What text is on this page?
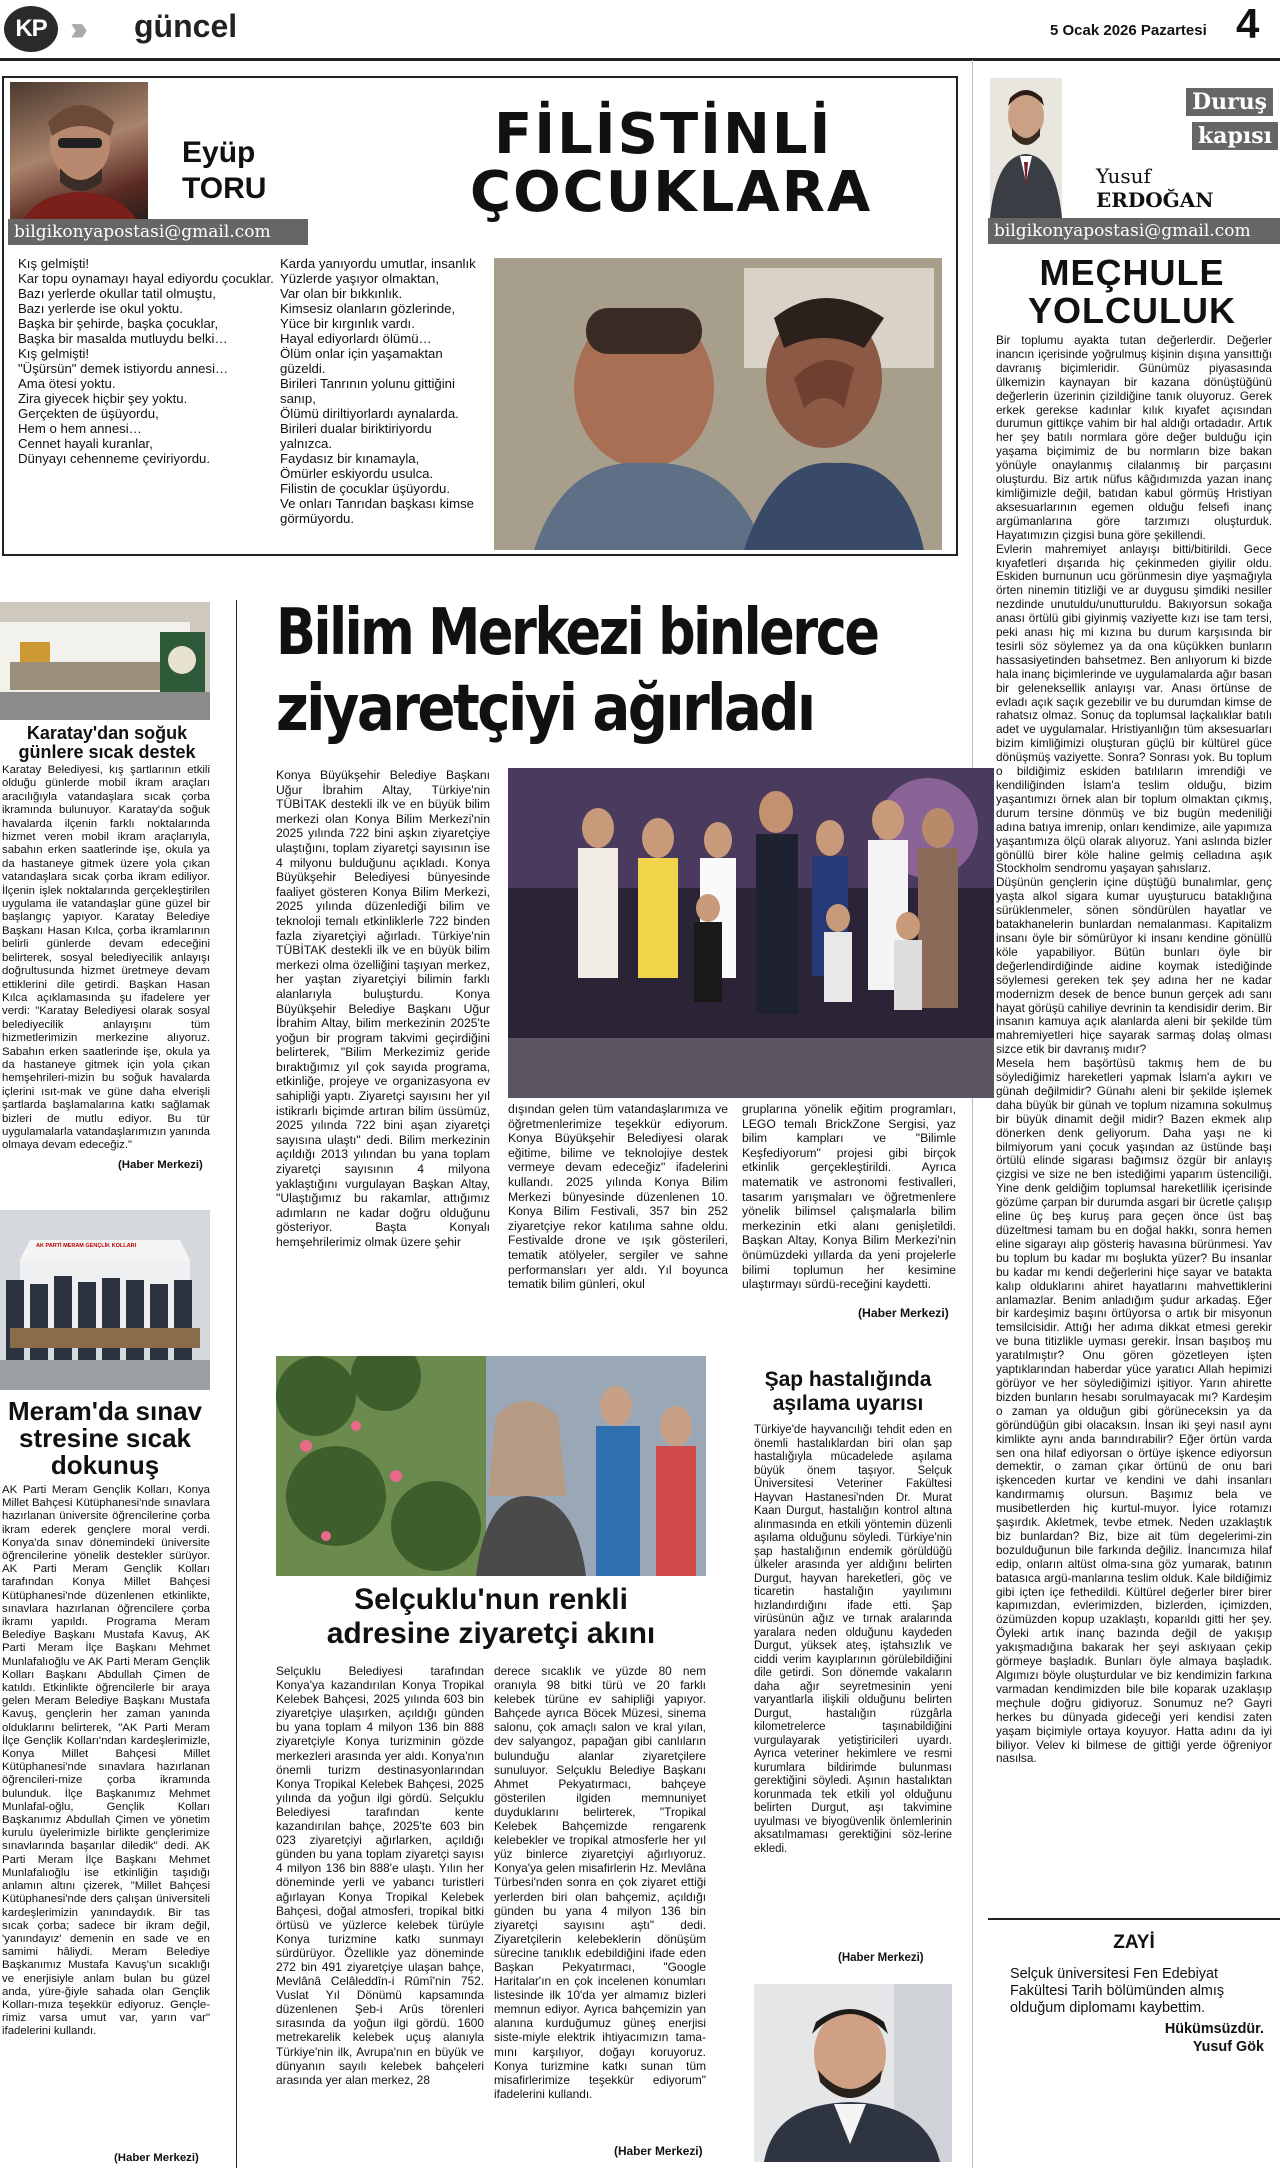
KP ››› güncel	5 Ocak 2026 Pazartesi 4
Eyüp
TORU
bilgikonyapostasi@gmail.com
FİLİSTİNLİ
ÇOCUKLARA
Kış gelmişti!
Kar topu oynamayı hayal ediyordu çocuklar.
Bazı yerlerde okullar tatil olmuştu,
Bazı yerlerde ise okul yoktu.
Başka bir şehirde, başka çocuklar,
Başka bir masalda mutluydu belki…
Kış gelmişti!
"Üşürsün" demek istiyordu annesi…
Ama ötesi yoktu.
Zira giyecek hiçbir şey yoktu.
Gerçekten de üşüyordu,
Hem o hem annesi…
Cennet hayali kuranlar,
Dünyayı cehenneme çeviriyordu.
Karda yanıyordu umutlar, insanlık
Yüzlerde yaşıyor olmaktan,
Var olan bir bıkkınlık.
Kimsesiz olanların gözlerinde,
Yüce bir kırgınlık vardı.
Hayal ediyorlardı ölümü…
Ölüm onlar için yaşamaktan güzeldi.
Birileri Tanrının yolunu gittiğini sanıp,
Ölümü diriltiyorlardı aynalarda.
Birileri dualar biriktiriyordu yalnızca.
Faydasız bir kınamayla,
Ömürler eskiyordu usulca.
Filistin de çocuklar üşüyordu.
Ve onları Tanrıdan başkası kimse görmüyordu.
Duruş
kapısı
Yusuf
ERDOĞAN
bilgikonyapostasi@gmail.com
MEÇHULE
YOLCULUK
Bir toplumu ayakta tutan değerlerdir. Değerler inancın içerisinde yoğrulmuş kişinin dışına yansıttığı davranış biçimleridir. Günümüz piyasasında ülkemizin kaynayan bir kazana dönüştüğünü değerlerin üzerinin çizildiğine tanık oluyoruz. Gerek erkek gerekse kadınlar kılık kıyafet açısından durumun gittikçe vahim bir hal aldığı ortadadır. Artık her şey batılı normlara göre değer bulduğu için yaşama biçimimiz de bu normların bize bakan yönüyle onaylanmış cilalanmış bir parçasını oluşturdu. Biz artık nüfus kâğıdımızda yazan inanç kimliğimizle değil, batıdan kabul görmüş Hristiyan aksesuarlarının egemen olduğu felsefi inanç argümanlarına göre tarzımızı oluşturduk. Hayatımızın çizgisi buna göre şekillendi.
Evlerin mahremiyet anlayışı bitti/bitirildi. Gece kıyafetleri dışarıda hiç çekinmeden giyilir oldu. Eskiden burnunun ucu görünmesin diye yaşmağıyla örten ninemin titizliği ve ar duygusu şimdiki nesiller nezdinde unutuldu/unutturuldu. Bakıyorsun sokağa anası örtülü gibi giyinmiş vaziyette kızı ise tam tersi, peki anası hiç mi kızına bu durum karşısında bir tesirli söz söylemez ya da ona küçükken bunların hassasiyetinden bahsetmez. Ben anlıyorum ki bizde hala inanç biçimlerinde ve uygulamalarda ağır basan bir geleneksellik anlayışı var. Anası örtünse de evladı açık saçık gezebilir ve bu durumdan kimse de rahatsız olmaz. Sonuç da toplumsal laçkalıklar batılı adet ve uygulamalar. Hristiyanlığın tüm aksesuarları bizim kimliğimizi oluşturan güçlü bir kültürel güce dönüşmüş vaziyette. Sonra? Sonrası yok. Bu toplum o bildiğimiz eskiden batılıların imrendiği ve kendiliğinden İslam'a teslim olduğu, bizim yaşantımızı örnek alan bir toplum olmaktan çıkmış, durum tersine dönmüş ve biz bugün medeniliği adına batıya imrenip, onları kendimize, aile yapımıza yaşantımıza ölçü olarak alıyoruz. Yani aslında bizler gönüllü birer köle haline gelmiş celladına aşık Stockholm sendromu yaşayan şahıslarız.
Düşünün gençlerin içine düştüğü bunalımlar, genç yaşta alkol sigara kumar uyuşturucu bataklığına sürüklenmeler, sönen söndürülen hayatlar ve batakhanelerin bunlardan nemalanması. Kapitalizm insanı öyle bir sömürüyor ki insanı kendine gönüllü köle yapabiliyor. Bütün bunları öyle bir değerlendirdiğinde aidine koymak istediğinde söylemesi gereken tek şey adına her ne kadar modernizm desek de bence bunun gerçek adı sanı hayat görüşü cahiliye devrinin ta kendisidir derim. Bir insanın kamuya açık alanlarda aleni bir şekilde tüm mahremiyetleri hiçe sayarak sarmaş dolaş olması sizce etik bir davranış mıdır?
Mesela hem başörtüsü takmış hem de bu söylediğimiz hareketleri yapmak İslam'a aykırı ve günah değilmidir? Günahı aleni bir şekilde işlemek daha büyük bir günah ve toplum nizamına sokulmuş bir büyük dinamit değil midir? Bazen ekmek alıp dönerken denk geliyorum. Daha yaşı ne ki bilmiyorum yani çocuk yaşından az üstünde başı örtülü elinde sigarası bağımsız özgür bir anlayış çizgisi ve size ne ben istediğimi yaparım üstenciliği. Yine denk geldiğim toplumsal hareketlilik içerisinde gözüme çarpan bir durumda asgari bir ücretle çalışıp eline üç beş kuruş para geçen önce üst baş düzeltmesi tamam bu en doğal hakkı, sonra hemen eline sigarayı alıp gösteriş havasına bürünmesi. Yav bu toplum bu kadar mı boşlukta yüzer? Bu insanlar bu kadar mı kendi değerlerini hiçe sayar ve batakta kalıp olduklarını ahiret hayatlarını mahvettiklerini anlamazlar. Benim anladığım şudur arkadaş. Eğer bir kardeşimiz başını örtüyorsa o artık bir misyonun temsilcisidir. Attığı her adıma dikkat etmesi gerekir ve buna titizlikle uyması gerekir. İnsan başıboş mu yaratılmıştır? Onu gören gözetleyen işten yaptıklarından haberdar yüce yaratıcı Allah hepimizi görüyor ve her söylediğimizi işitiyor. Yarın ahirette bizden bunların hesabı sorulmayacak mı? Kardeşim o zaman ya olduğun gibi görüneceksin ya da göründüğün gibi olacaksın. İnsan iki şeyi nasıl aynı kimlikte aynı anda barındırabilir? Eğer örtün varda sen ona hilaf ediyorsan o örtüye işkence ediyorsun demektir, o zaman çıkar örtünü de onu bari işkenceden kurtar ve kendini ve dahi insanları kandırmamış olursun. Başımız bela ve musibetlerden hiç kurtul-muyor. İyice rotamızı şaşırdık. Akletmek, tevbe etmek. Neden uzaklaştık biz bunlardan? Biz, bize ait tüm degelerimi-zin bozulduğunun bile farkında değiliz. İnancımıza hilaf edip, onların altüst olma-sına göz yumarak, batının batasıca argü-manlarına teslim olduk. Kale bildiğimiz gibi içten içe fethedildi. Kültürel değerler birer birer kapımızdan, evlerimizden, bizlerden, içimizden, özümüzden kopup uzaklaştı, koparıldı gitti her şey. Öyleki artık inanç bazında değil de yakışıp yakışmadığına bakarak her şeyi askıyaan çekip görmeye başladık. Bunları öyle almaya başladık. Algımızı böyle oluşturdular ve biz kendimizin farkına varmadan kendimizden bile bile koparak uzaklaşıp meçhule doğru gidiyoruz. Sonumuz ne? Gayri herkes bu dünyada gideceği yeri kendisi zaten yaşam biçimiyle ortaya koyuyor. Hatta adını da iyi biliyor. Velev ki bilmese de gittiği yerde öğreniyor nasılsa.
ZAYİ
Selçuk üniversitesi Fen Edebiyat Fakültesi Tarih bölümünden almış olduğum diplomamı kaybettim.
Hükümsüzdür.
Yusuf Gök
Karatay'dan soğuk günlere sıcak destek
Karatay Belediyesi, kış şartlarının etkili olduğu günlerde mobil ikram araçları aracılığıyla vatandaşlara sıcak çorba ikramında bulunuyor. Karatay'da soğuk havalarda ilçenin farklı noktalarında hizmet veren mobil ikram araçlarıyla, sabahın erken saatlerinde işe, okula ya da hastaneye gitmek üzere yola çıkan vatandaşlara sıcak çorba ikram ediliyor. İlçenin işlek noktalarında gerçekleştirilen uygulama ile vatandaşlar güne güzel bir başlangıç yapıyor. Karatay Belediye Başkanı Hasan Kılca, çorba ikramlarının belirli günlerde devam edeceğini belirterek, sosyal belediyecilik anlayışı doğrultusunda hizmet üretmeye devam ettiklerini dile getirdi. Başkan Hasan Kılca açıklamasında şu ifadelere yer verdi: "Karatay Belediyesi olarak sosyal belediyecilik anlayışını tüm hizmetlerimizin merkezine alıyoruz. Sabahın erken saatlerinde işe, okula ya da hastaneye gitmek için yola çıkan hemşehrileri-mizin bu soğuk havalarda içlerini ısıt-mak ve güne daha elverişli şartlarda başlamalarına katkı sağlamak bizleri de mutlu ediyor. Bu tür uygulamalarla vatandaşlarımızın yanında olmaya devam edeceğiz."
(Haber Merkezi)
AK PARTİ MERAM GENÇLİK KOLLARI
Meram'da sınav stresine sıcak dokunuş
AK Parti Meram Gençlik Kolları, Konya Millet Bahçesi Kütüphanesi'nde sınavlara hazırlanan üniversite öğrencilerine çorba ikram ederek gençlere moral verdi. Konya'da sınav dönemindeki üniversite öğrencilerine yönelik destekler sürüyor. AK Parti Meram Gençlik Kolları tarafından Konya Millet Bahçesi Kütüphanesi'nde düzenlenen etkinlikte, sınavlara hazırlanan öğrencilere çorba ikramı yapıldı. Programa Meram Belediye Başkanı Mustafa Kavuş, AK Parti Meram İlçe Başkanı Mehmet Munlafalıoğlu ve AK Parti Meram Gençlik Kolları Başkanı Abdullah Çimen de katıldı. Etkinlikte öğrencilerle bir araya gelen Meram Belediye Başkanı Mustafa Kavuş, gençlerin her zaman yanında olduklarını belirterek, "AK Parti Meram İlçe Gençlik Kolları'ndan kardeşlerimizle, Konya Millet Bahçesi Millet Kütüphanesi'nde sınavlara hazırlanan öğrencileri-mize çorba ikramında bulunduk. İlçe Başkanımız Mehmet Munlafal-oğlu, Gençlik Kolları Başkanımız Abdullah Çimen ve yönetim kurulu üyelerimizle birlikte gençlerimize sınavlarında başarılar diledik" dedi. AK Parti Meram İlçe Başkanı Mehmet Munlafalıoğlu ise etkinliğin taşıdığı anlamın altını çizerek, "Millet Bahçesi Kütüphanesi'nde ders çalışan üniversiteli kardeşlerimizin yanındaydık. Bir tas sıcak çorba; sadece bir ikram değil, 'yanındayız' demenin en sade ve en samimi hâliydi. Meram Belediye Başkanımız Mustafa Kavuş'un sıcaklığı ve enerjisiyle anlam bulan bu güzel anda, yüre-ğiyle sahada olan Gençlik Kolları-mıza teşekkür ediyoruz. Gençle-rimiz varsa umut var, yarın var" ifadelerini kullandı.
(Haber Merkezi)
Bilim Merkezi binlerce
ziyaretçiyi ağırladı
Konya Büyükşehir Belediye Başkanı Uğur İbrahim Altay, Türkiye'nin TÜBİTAK destekli ilk ve en büyük bilim merkezi olan Konya Bilim Merkezi'nin 2025 yılında 722 bini aşkın ziyaretçiye ulaştığını, toplam ziyaretçi sayısının ise 4 milyonu bulduğunu açıkladı. Konya Büyükşehir Belediyesi bünyesinde faaliyet gösteren Konya Bilim Merkezi, 2025 yılında düzenlediği bilim ve teknoloji temalı etkinliklerle 722 binden fazla ziyaretçiyi ağırladı. Türkiye'nin TÜBİTAK destekli ilk ve en büyük bilim merkezi olma özelliğini taşıyan merkez, her yaştan ziyaretçiyi bilimin farklı alanlarıyla buluşturdu. Konya Büyükşehir Belediye Başkanı Uğur İbrahim Altay, bilim merkezinin 2025'te yoğun bir program takvimi geçirdiğini belirterek, "Bilim Merkezimiz geride bıraktığımız yıl çok sayıda programa, etkinliğe, projeye ve organizasyona ev sahipliği yaptı. Ziyaretçi sayısını her yıl istikrarlı biçimde artıran bilim üssümüz, 2025 yılında 722 bini aşan ziyaretçi sayısına ulaştı" dedi. Bilim merkezinin açıldığı 2013 yılından bu yana toplam ziyaretçi sayısının 4 milyona yaklaştığını vurgulayan Başkan Altay, "Ulaştığımız bu rakamlar, attığımız adımların ne kadar doğru olduğunu gösteriyor. Başta Konyalı hemşehrilerimiz olmak üzere şehir
dışından gelen tüm vatandaşlarımıza ve öğretmenlerimize teşekkür ediyorum. Konya Büyükşehir Belediyesi olarak eğitime, bilime ve teknolojiye destek vermeye devam edeceğiz" ifadelerini kullandı. 2025 yılında Konya Bilim Merkezi bünyesinde düzenlenen 10. Konya Bilim Festivali, 357 bin 252 ziyaretçiye rekor katılıma sahne oldu. Festivalde drone ve ışık gösterileri, tematik atölyeler, sergiler ve sahne performansları yer aldı. Yıl boyunca tematik bilim günleri, okul
gruplarına yönelik eğitim programları, LEGO temalı BrickZone Sergisi, yaz bilim kampları ve "Bilimle Keşfediyorum" projesi gibi birçok etkinlik gerçekleştirildi. Ayrıca matematik ve astronomi festivalleri, tasarım yarışmaları ve öğretmenlere yönelik bilimsel çalışmalarla bilim merkezinin etki alanı genişletildi. Başkan Altay, Konya Bilim Merkezi'nin önümüzdeki yıllarda da yeni projelerle bilimi toplumun her kesimine ulaştırmayı sürdü-receğini kaydetti.
(Haber Merkezi)
Selçuklu'nun renkli
adresine ziyaretçi akını
Selçuklu Belediyesi tarafından Konya'ya kazandırılan Konya Tropikal Kelebek Bahçesi, 2025 yılında 603 bin ziyaretçiye ulaşırken, açıldığı günden bu yana toplam 4 milyon 136 bin 888 ziyaretçiyle Konya turizminin gözde merkezleri arasında yer aldı. Konya'nın önemli turizm destinasyonlarından Konya Tropikal Kelebek Bahçesi, 2025 yılında da yoğun ilgi gördü. Selçuklu Belediyesi tarafından kente kazandırılan bahçe, 2025'te 603 bin 023 ziyaretçiyi ağırlarken, açıldığı günden bu yana toplam ziyaretçi sayısı 4 milyon 136 bin 888'e ulaştı. Yılın her döneminde yerli ve yabancı turistleri ağırlayan Konya Tropikal Kelebek Bahçesi, doğal atmosferi, tropikal bitki örtüsü ve yüzlerce kelebek türüyle Konya turizmine katkı sunmayı sürdürüyor. Özellikle yaz döneminde 272 bin 491 ziyaretçiye ulaşan bahçe, Mevlânâ Celâleddîn-i Rûmî'nin 752. Vuslat Yıl Dönümü kapsamında düzenlenen Şeb-i Arûs törenleri sırasında da yoğun ilgi gördü. 1600 metrekarelik kelebek uçuş alanıyla Türkiye'nin ilk, Avrupa'nın en büyük ve dünyanın sayılı kelebek bahçeleri arasında yer alan merkez, 28
derece sıcaklık ve yüzde 80 nem oranıyla 98 bitki türü ve 20 farklı kelebek türüne ev sahipliği yapıyor. Bahçede ayrıca Böcek Müzesi, sinema salonu, çok amaçlı salon ve kral yılan, dev salyangoz, papağan gibi canlıların bulunduğu alanlar ziyaretçilere sunuluyor. Selçuklu Belediye Başkanı Ahmet Pekyatırmacı, bahçeye gösterilen ilgiden memnuniyet duyduklarını belirterek, "Tropikal Kelebek Bahçemizde rengarenk kelebekler ve tropikal atmosferle her yıl yüz binlerce ziyaretçiyi ağırlıyoruz. Konya'ya gelen misafirlerin Hz. Mevlâna Türbesi'nden sonra en çok ziyaret ettiği yerlerden biri olan bahçemiz, açıldığı günden bu yana 4 milyon 136 bin ziyaretçi sayısını aştı" dedi. Ziyaretçilerin kelebeklerin dönüşüm sürecine tanıklık edebildiğini ifade eden Başkan Pekyatırmacı, "Google Haritalar'ın en çok incelenen konumları listesinde ilk 10'da yer almamız bizleri memnun ediyor. Ayrıca bahçemizin yan alanına kurduğumuz güneş enerjisi siste-miyle elektrik ihtiyacımızın tama-mını karşılıyor, doğayı koruyoruz. Konya turizmine katkı sunan tüm misafirlerimize teşekkür ediyorum" ifadelerini kullandı.
(Haber Merkezi)
Şap hastalığında
aşılama uyarısı
Türkiye'de hayvancılığı tehdit eden en önemli hastalıklardan biri olan şap hastalığıyla mücadelede aşılama büyük önem taşıyor. Selçuk Üniversitesi Veteriner Fakültesi Hayvan Hastanesi'nden Dr. Murat Kaan Durgut, hastalığın kontrol altına alınmasında en etkili yöntemin düzenli aşılama olduğunu söyledi. Türkiye'nin şap hastalığının endemik görüldüğü ülkeler arasında yer aldığını belirten Durgut, hayvan hareketleri, göç ve ticaretin hastalığın yayılımını hızlandırdığını ifade etti. Şap virüsünün ağız ve tırnak aralarında yaralara neden olduğunu kaydeden Durgut, yüksek ateş, iştahsızlık ve ciddi verim kayıplarının görülebildiğini dile getirdi. Son dönemde vakaların daha ağır seyretmesinin yeni varyantlarla ilişkili olduğunu belirten Durgut, hastalığın rüzgârla kilometrelerce taşınabildiğini vurgulayarak yetiştiricileri uyardı. Ayrıca veteriner hekimlere ve resmi kurumlara bildirimde bulunması gerektiğini söyledi. Aşının hastalıktan korunmada tek etkili yol olduğunu belirten Durgut, aşı takvimine uyulması ve biyogüvenlik önlemlerinin aksatılmaması gerektiğini söz-lerine ekledi.
(Haber Merkezi)
